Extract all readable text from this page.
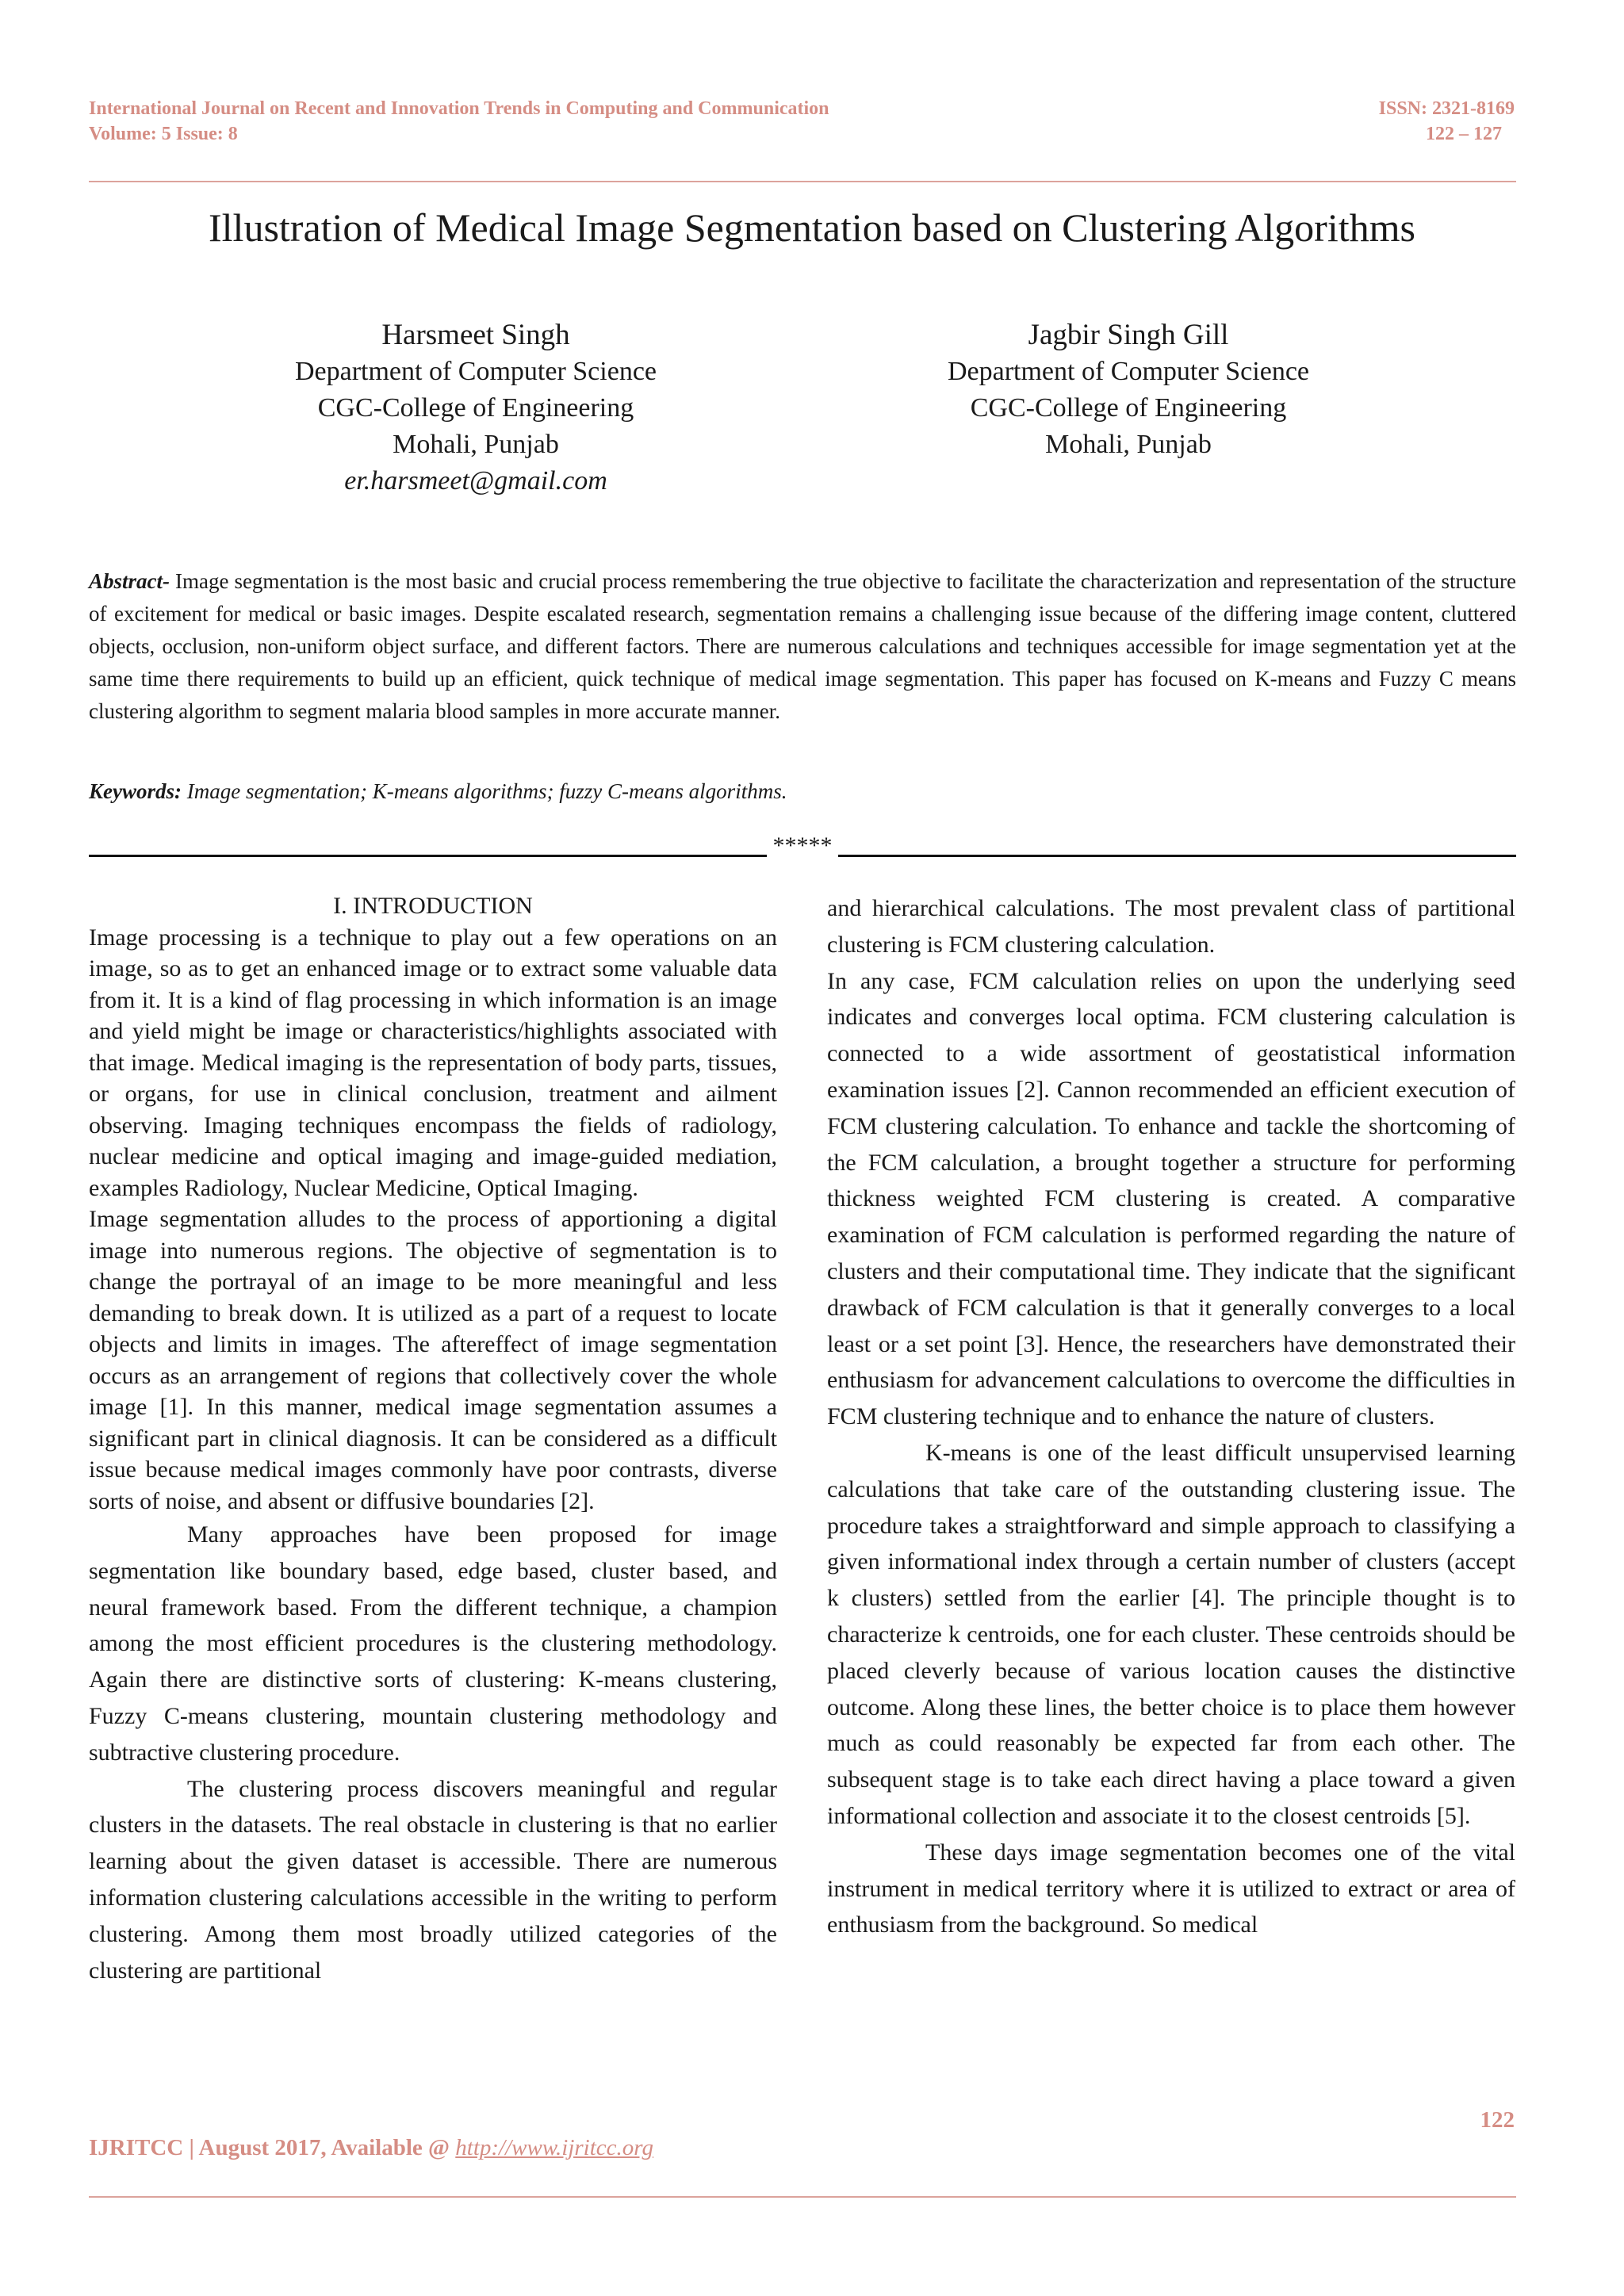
International Journal on Recent and Innovation Trends in Computing and Communication
Volume: 5 Issue: 8
ISSN: 2321-8169
122 – 127
Illustration of Medical Image Segmentation based on Clustering Algorithms
Harsmeet Singh
Department of Computer Science
CGC-College of Engineering
Mohali, Punjab
er.harsmeet@gmail.com
Jagbir Singh Gill
Department of Computer Science
CGC-College of Engineering
Mohali, Punjab
Abstract- Image segmentation is the most basic and crucial process remembering the true objective to facilitate the characterization and representation of the structure of excitement for medical or basic images. Despite escalated research, segmentation remains a challenging issue because of the differing image content, cluttered objects, occlusion, non-uniform object surface, and different factors. There are numerous calculations and techniques accessible for image segmentation yet at the same time there requirements to build up an efficient, quick technique of medical image segmentation. This paper has focused on K-means and Fuzzy C means clustering algorithm to segment malaria blood samples in more accurate manner.
Keywords: Image segmentation; K-means algorithms; fuzzy C-means algorithms.
*****

I. INTRODUCTION

Image processing is a technique to play out a few operations on an image, so as to get an enhanced image or to extract some valuable data from it. It is a kind of flag processing in which information is an image and yield might be image or characteristics/highlights associated with that image. Medical imaging is the representation of body parts, tissues, or organs, for use in clinical conclusion, treatment and ailment observing. Imaging techniques encompass the fields of radiology, nuclear medicine and optical imaging and image-guided mediation, examples Radiology, Nuclear Medicine, Optical Imaging.

Image segmentation alludes to the process of apportioning a digital image into numerous regions. The objective of segmentation is to change the portrayal of an image to be more meaningful and less demanding to break down. It is utilized as a part of a request to locate objects and limits in images. The aftereffect of image segmentation occurs as an arrangement of regions that collectively cover the whole image [1]. In this manner, medical image segmentation assumes a significant part in clinical diagnosis. It can be considered as a difficult issue because medical images commonly have poor contrasts, diverse sorts of noise, and absent or diffusive boundaries [2].

Many approaches have been proposed for image segmentation like boundary based, edge based, cluster based, and neural framework based. From the different technique, a champion among the most efficient procedures is the clustering methodology. Again there are distinctive sorts of clustering: K-means clustering, Fuzzy C-means clustering, mountain clustering methodology and subtractive clustering procedure.

The clustering process discovers meaningful and regular clusters in the datasets. The real obstacle in clustering is that no earlier learning about the given dataset is accessible. There are numerous information clustering calculations accessible in the writing to perform clustering. Among them most broadly utilized categories of the clustering are partitional

and hierarchical calculations. The most prevalent class of partitional clustering is FCM clustering calculation.

In any case, FCM calculation relies on upon the underlying seed indicates and converges local optima. FCM clustering calculation is connected to a wide assortment of geostatistical information examination issues [2]. Cannon recommended an efficient execution of FCM clustering calculation. To enhance and tackle the shortcoming of the FCM calculation, a brought together a structure for performing thickness weighted FCM clustering is created. A comparative examination of FCM calculation is performed regarding the nature of clusters and their computational time. They indicate that the significant drawback of FCM calculation is that it generally converges to a local least or a set point [3]. Hence, the researchers have demonstrated their enthusiasm for advancement calculations to overcome the difficulties in FCM clustering technique and to enhance the nature of clusters.

K-means is one of the least difficult unsupervised learning calculations that take care of the outstanding clustering issue. The procedure takes a straightforward and simple approach to classifying a given informational index through a certain number of clusters (accept k clusters) settled from the earlier [4]. The principle thought is to characterize k centroids, one for each cluster. These centroids should be placed cleverly because of various location causes the distinctive outcome. Along these lines, the better choice is to place them however much as could reasonably be expected far from each other. The subsequent stage is to take each direct having a place toward a given informational collection and associate it to the closest centroids [5].

These days image segmentation becomes one of the vital instrument in medical territory where it is utilized to extract or area of enthusiasm from the background. So medical

122
IJRITCC | August 2017, Available @ http://www.ijritcc.org
